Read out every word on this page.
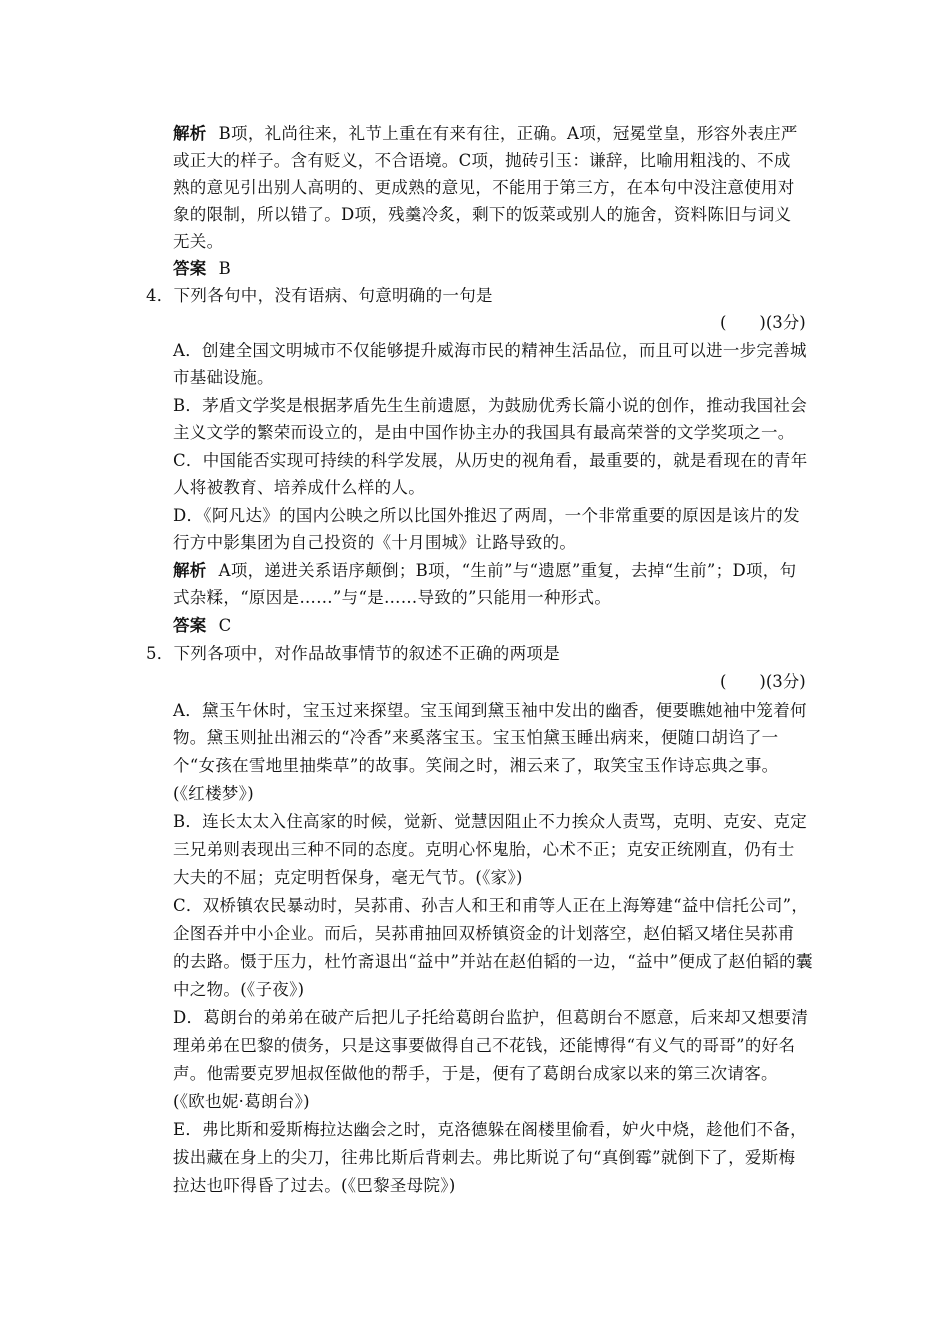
解析 B项，礼尚往来，礼节上重在有来有往，正确。A项，冠冕堂皇，形容外表庄严
或正大的样子。含有贬义，不合语境。C项，抛砖引玉：谦辞，比喻用粗浅的、不成
熟的意见引出别人高明的、更成熟的意见，不能用于第三方，在本句中没注意使用对
象的限制，所以错了。D项，残羹冷炙，剩下的饭菜或别人的施舍，资料陈旧与词义
无关。
答案 B
4．下列各句中，没有语病、句意明确的一句是
(　　)(3分)
A．创建全国文明城市不仅能够提升威海市民的精神生活品位，而且可以进一步完善城
市基础设施。
B．茅盾文学奖是根据茅盾先生生前遗愿，为鼓励优秀长篇小说的创作，推动我国社会
主义文学的繁荣而设立的，是由中国作协主办的我国具有最高荣誉的文学奖项之一。
C．中国能否实现可持续的科学发展，从历史的视角看，最重要的，就是看现在的青年
人将被教育、培养成什么样的人。
D．《阿凡达》的国内公映之所以比国外推迟了两周，一个非常重要的原因是该片的发
行方中影集团为自己投资的《十月围城》让路导致的。
解析 A项，递进关系语序颠倒；B项，“生前”与“遗愿”重复，去掉“生前”；D项，句
式杂糅，“原因是……”与“是……导致的”只能用一种形式。
答案 C
5．下列各项中，对作品故事情节的叙述不正确的两项是
(　　)(3分)
A．黛玉午休时，宝玉过来探望。宝玉闻到黛玉袖中发出的幽香，便要瞧她袖中笼着何
物。黛玉则扯出湘云的“冷香”来奚落宝玉。宝玉怕黛玉睡出病来，便随口胡诌了一
个“女孩在雪地里抽柴草”的故事。笑闹之时，湘云来了，取笑宝玉作诗忘典之事。
(《红楼梦》)
B．连长太太入住高家的时候，觉新、觉慧因阻止不力挨众人责骂，克明、克安、克定
三兄弟则表现出三种不同的态度。克明心怀鬼胎，心术不正；克安正统刚直，仍有士
大夫的不屈；克定明哲保身，毫无气节。(《家》)
C．双桥镇农民暴动时，吴荪甫、孙吉人和王和甫等人正在上海筹建“益中信托公司”，
企图吞并中小企业。而后，吴荪甫抽回双桥镇资金的计划落空，赵伯韬又堵住吴荪甫
的去路。慑于压力，杜竹斋退出“益中”并站在赵伯韬的一边，“益中”便成了赵伯韬的囊
中之物。(《子夜》)
D．葛朗台的弟弟在破产后把儿子托给葛朗台监护，但葛朗台不愿意，后来却又想要清
理弟弟在巴黎的债务，只是这事要做得自己不花钱，还能博得“有义气的哥哥”的好名
声。他需要克罗旭叔侄做他的帮手，于是，便有了葛朗台成家以来的第三次请客。
(《欧也妮·葛朗台》)
E．弗比斯和爱斯梅拉达幽会之时，克洛德躲在阁楼里偷看，妒火中烧，趁他们不备，
拔出藏在身上的尖刀，往弗比斯后背刺去。弗比斯说了句“真倒霉”就倒下了，爱斯梅
拉达也吓得昏了过去。(《巴黎圣母院》)
